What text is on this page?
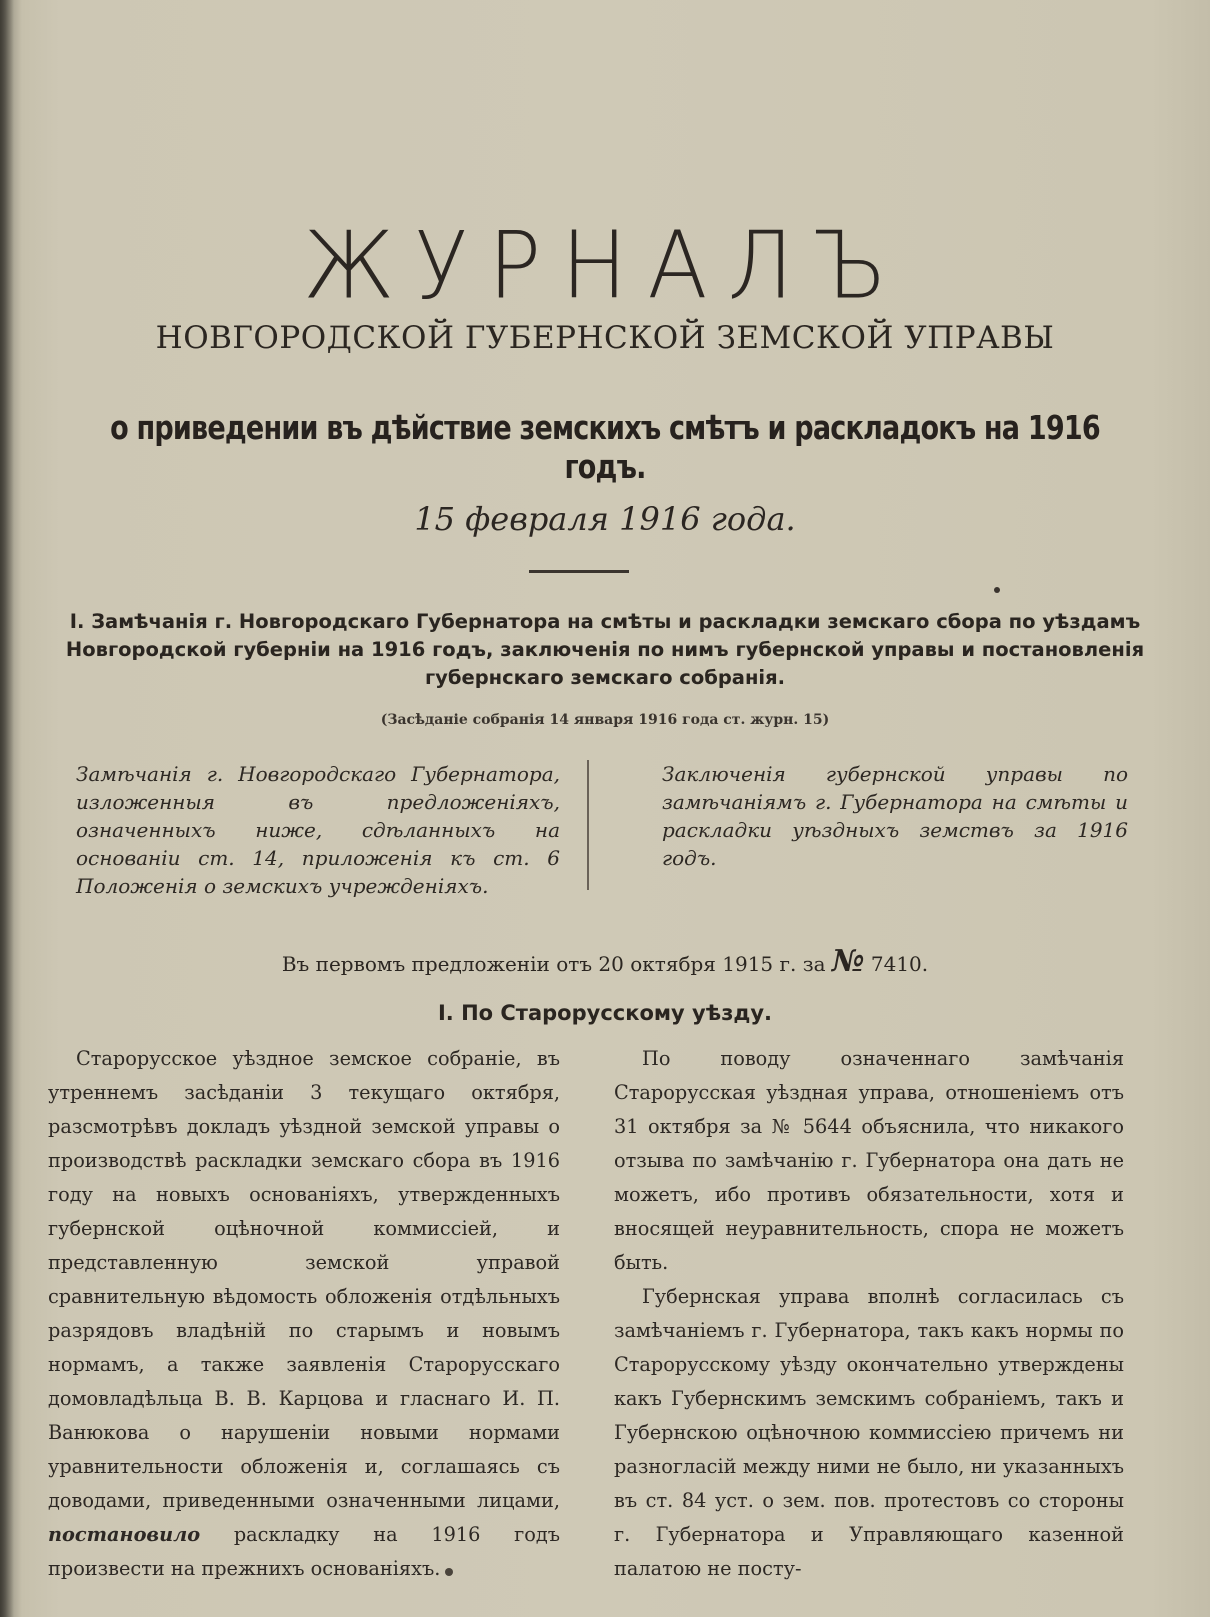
ЖУРНАЛЪ
НОВГОРОДСКОЙ ГУБЕРНСКОЙ ЗЕМСКОЙ УПРАВЫ
о приведении въ дѣйствие земскихъ смѣтъ и раскладокъ на 1916 годъ.
15 февраля 1916 года.
I. Замѣчанія г. Новгородскаго Губернатора на смѣты и раскладки земскаго сбора по уѣздамъ Новгородской губерніи на 1916 годъ, заключенія по нимъ губернской управы и постановленія губернскаго земскаго собранія.
(Засѣданіе собранія 14 января 1916 года ст. журн. 15)
Замѣчанія г. Новгородскаго Губернатора, изложенныя въ предложеніяхъ, означенныхъ ниже, сдѣланныхъ на основаніи ст. 14, приложенія къ ст. 6 Положенія о земскихъ учрежденіяхъ.
Заключенія губернской управы по замѣчаніямъ г. Губернатора на смѣты и раскладки уѣздныхъ земствъ за 1916 годъ.
Въ первомъ предложеніи отъ 20 октября 1915 г. за № 7410.
I. По Старорусскому уѣзду.

Старорусское уѣздное земское собраніе, въ утреннемъ засѣданіи 3 текущаго октября, разсмотрѣвъ докладъ уѣздной земской управы о производствѣ раскладки земскаго сбора въ 1916 году на новыхъ основаніяхъ, утвержденныхъ губернской оцѣночной коммиссіей, и представленную земской управой сравнительную вѣдомость обложенія отдѣльныхъ разрядовъ владѣній по старымъ и новымъ нормамъ, а также заявленія Старорусскаго домовладѣльца В. В. Карцова и гласнаго И. П. Ванюкова о нарушеніи новыми нормами уравнительности обложенія и, соглашаясь съ доводами, приведенными означенными лицами, постановило раскладку на 1916 годъ произвести на прежнихъ основаніяхъ.

По поводу означеннаго замѣчанія Старорусская уѣздная управа, отношеніемъ отъ 31 октября за № 5644 объяснила, что никакого отзыва по замѣчанію г. Губернатора она дать не можетъ, ибо противъ обязательности, хотя и вносящей неуравнительность, спора не можетъ быть.

Губернская управа вполнѣ согласилась съ замѣчаніемъ г. Губернатора, такъ какъ нормы по Старорусскому уѣзду окончательно утверждены какъ Губернскимъ земскимъ собраніемъ, такъ и Губернскою оцѣночною коммиссіею причемъ ни разногласій между ними не было, ни указанныхъ въ ст. 84 уст. о зем. пов. протестовъ со стороны г. Губернатора и Управляющаго казенной палатою не посту-
